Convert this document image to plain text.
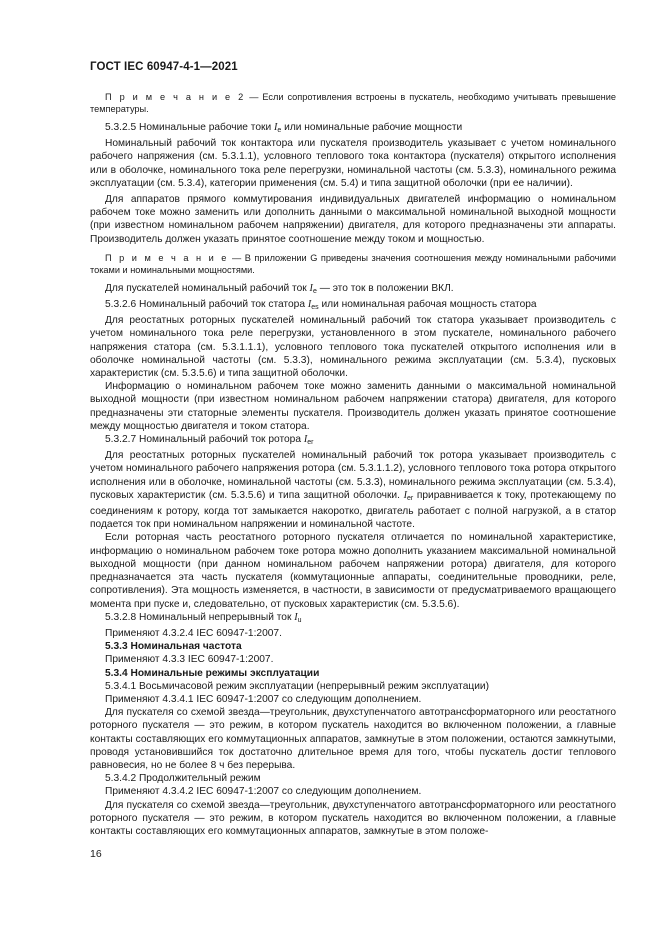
ГОСТ IEC 60947-4-1—2021

П р и м е ч а н и е 2 — Если сопротивления встроены в пускатель, необходимо учитывать превышение температуры.

5.3.2.5 Номинальные рабочие токи $I_e$ или номинальные рабочие мощности

Номинальный рабочий ток контактора или пускателя производитель указывает с учетом номинального рабочего напряжения (см. 5.3.1.1), условного теплового тока контактора (пускателя) открытого исполнения или в оболочке, номинального тока реле перегрузки, номинальной частоты (см. 5.3.3), номинального режима эксплуатации (см. 5.3.4), категории применения (см. 5.4) и типа защитной оболочки (при ее наличии).

Для аппаратов прямого коммутирования индивидуальных двигателей информацию о номинальном рабочем токе можно заменить или дополнить данными о максимальной номинальной выходной мощности (при известном номинальном рабочем напряжении) двигателя, для которого предназначены эти аппараты. Производитель должен указать принятое соотношение между током и мощностью.

П р и м е ч а н и е — В приложении G приведены значения соотношения между номинальными рабочими токами и номинальными мощностями.

Для пускателей номинальный рабочий ток $I_e$ — это ток в положении ВКЛ.

5.3.2.6 Номинальный рабочий ток статора $I_{es}$ или номинальная рабочая мощность статора

Для реостатных роторных пускателей номинальный рабочий ток статора указывает производитель с учетом номинального тока реле перегрузки, установленного в этом пускателе, номинального рабочего напряжения статора (см. 5.3.1.1.1), условного теплового тока пускателей открытого исполнения или в оболочке номинальной частоты (см. 5.3.3), номинального режима эксплуатации (см. 5.3.4), пусковых характеристик (см. 5.3.5.6) и типа защитной оболочки.

Информацию о номинальном рабочем токе можно заменить данными о максимальной номинальной выходной мощности (при известном номинальном рабочем напряжении статора) двигателя, для которого предназначены эти статорные элементы пускателя. Производитель должен указать принятое соотношение между мощностью двигателя и током статора.

5.3.2.7 Номинальный рабочий ток ротора $I_{er}$

Для реостатных роторных пускателей номинальный рабочий ток ротора указывает производитель с учетом номинального рабочего напряжения ротора (см. 5.3.1.1.2), условного теплового тока ротора открытого исполнения или в оболочке, номинальной частоты (см. 5.3.3), номинального режима эксплуатации (см. 5.3.4), пусковых характеристик (см. 5.3.5.6) и типа защитной оболочки. $I_{er}$ приравнивается к току, протекающему по соединениям к ротору, когда тот замыкается накоротко, двигатель работает с полной нагрузкой, а в статор подается ток при номинальном напряжении и номинальной частоте.

Если роторная часть реостатного роторного пускателя отличается по номинальной характеристике, информацию о номинальном рабочем токе ротора можно дополнить указанием максимальной номинальной выходной мощности (при данном номинальном рабочем напряжении ротора) двигателя, для которого предназначается эта часть пускателя (коммутационные аппараты, соединительные проводники, реле, сопротивления). Эта мощность изменяется, в частности, в зависимости от предусматриваемого вращающего момента при пуске и, следовательно, от пусковых характеристик (см. 5.3.5.6).

5.3.2.8 Номинальный непрерывный ток $I_u$

Применяют 4.3.2.4 IEC 60947-1:2007.

5.3.3 Номинальная частота

Применяют 4.3.3 IEC 60947-1:2007.

5.3.4 Номинальные режимы эксплуатации

5.3.4.1 Восьмичасовой режим эксплуатации (непрерывный режим эксплуатации)

Применяют 4.3.4.1 IEC 60947-1:2007 со следующим дополнением.

Для пускателя со схемой звезда—треугольник, двухступенчатого автотрансформаторного или реостатного роторного пускателя — это режим, в котором пускатель находится во включенном положении, а главные контакты составляющих его коммутационных аппаратов, замкнутые в этом положении, остаются замкнутыми, проводя установившийся ток достаточно длительное время для того, чтобы пускатель достиг теплового равновесия, но не более 8 ч без перерыва.

5.3.4.2 Продолжительный режим

Применяют 4.3.4.2 IEC 60947-1:2007 со следующим дополнением.

Для пускателя со схемой звезда—треугольник, двухступенчатого автотрансформаторного или реостатного роторного пускателя — это режим, в котором пускатель находится во включенном положении, а главные контакты составляющих его коммутационных аппаратов, замкнутые в этом положе-

16
